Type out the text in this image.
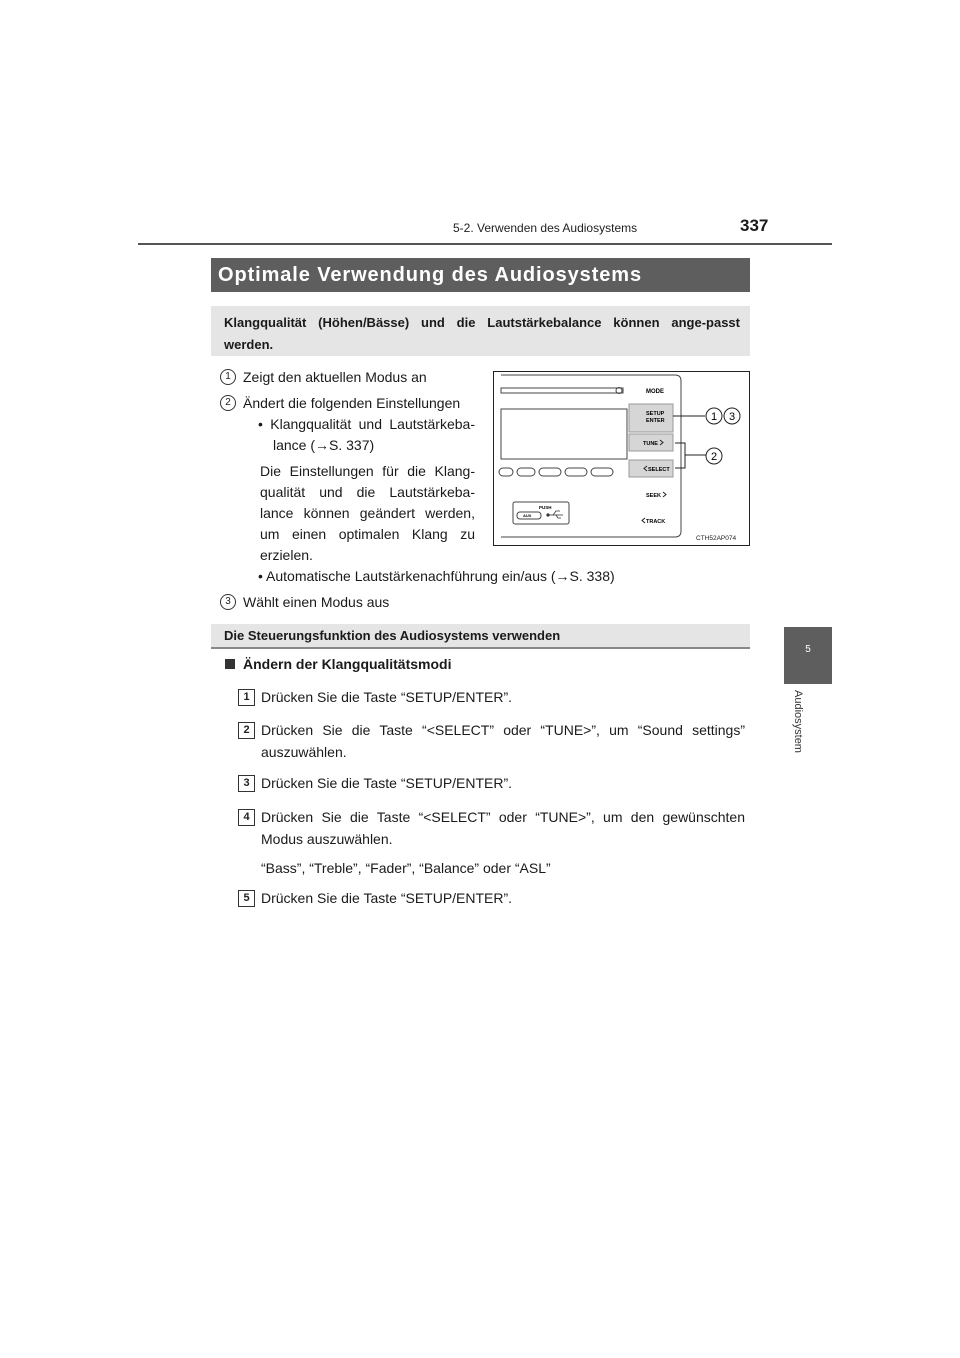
5-2. Verwenden des Audiosystems	337
5
Audiosystem
Optimale Verwendung des Audiosystems
Klangqualität (Höhen/Bässe) und die Lautstärkebalance können ange-passt werden.
1 Zeigt den aktuellen Modus an
2 Ändert die folgenden Einstellungen
• Klangqualität und Lautstärkeba-
lance (→S. 337)
Die Einstellungen für die Klang-
qualität und die Lautstärkeba-
lance können geändert werden,
um einen optimalen Klang zu
erzielen.
• Automatische Lautstärkenachführung ein/aus (→S. 338)
3 Wählt einen Modus aus
PUSH
AUX
MODE
SETUP
ENTER
TUNE
SELECT
SEEK
TRACK
1 3
2
CTH52AP074
Die Steuerungsfunktion des Audiosystems verwenden
Ändern der Klangqualitätsmodi
1 Drücken Sie die Taste “SETUP/ENTER”.
2 Drücken Sie die Taste “<SELECT” oder “TUNE>”, um “Sound settings”
auszuwählen.
3 Drücken Sie die Taste “SETUP/ENTER”.
4 Drücken Sie die Taste “<SELECT” oder “TUNE>”, um den gewünschten
Modus auszuwählen.
“Bass”, “Treble”, “Fader”, “Balance” oder “ASL”
5 Drücken Sie die Taste “SETUP/ENTER”.
